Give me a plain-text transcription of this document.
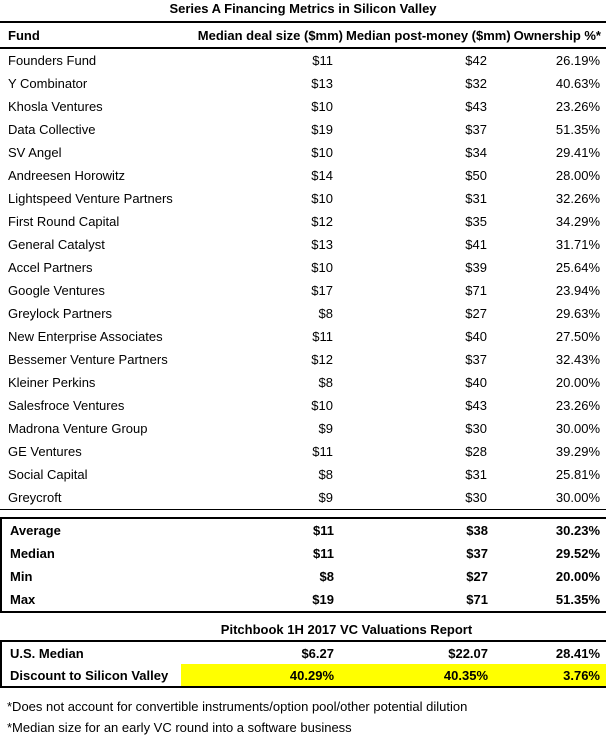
Series A Financing Metrics in Silicon Valley
Fund	Median deal size ($mm)	Median post-money ($mm)	Ownership %*
Founders Fund	$11	$42	26.19%
Y Combinator	$13	$32	40.63%
Khosla Ventures	$10	$43	23.26%
Data Collective	$19	$37	51.35%
SV Angel	$10	$34	29.41%
Andreesen Horowitz	$14	$50	28.00%
Lightspeed Venture Partners	$10	$31	32.26%
First Round Capital	$12	$35	34.29%
General Catalyst	$13	$41	31.71%
Accel Partners	$10	$39	25.64%
Google Ventures	$17	$71	23.94%
Greylock Partners	$8	$27	29.63%
New Enterprise Associates	$11	$40	27.50%
Bessemer Venture Partners	$12	$37	32.43%
Kleiner Perkins	$8	$40	20.00%
Salesfroce Ventures	$10	$43	23.26%
Madrona Venture Group	$9	$30	30.00%
GE Ventures	$11	$28	39.29%
Social Capital	$8	$31	25.81%
Greycroft	$9	$30	30.00%
Average	$11	$38	30.23%
Median	$11	$37	29.52%
Min	$8	$27	20.00%
Max	$19	$71	51.35%
Pitchbook 1H 2017 VC Valuations Report
U.S. Median	$6.27	$22.07	28.41%
Discount to Silicon Valley	40.29%	40.35%	3.76%
*Does not account for convertible instruments/option pool/other potential dilution
*Median size for an early VC round into a software business
